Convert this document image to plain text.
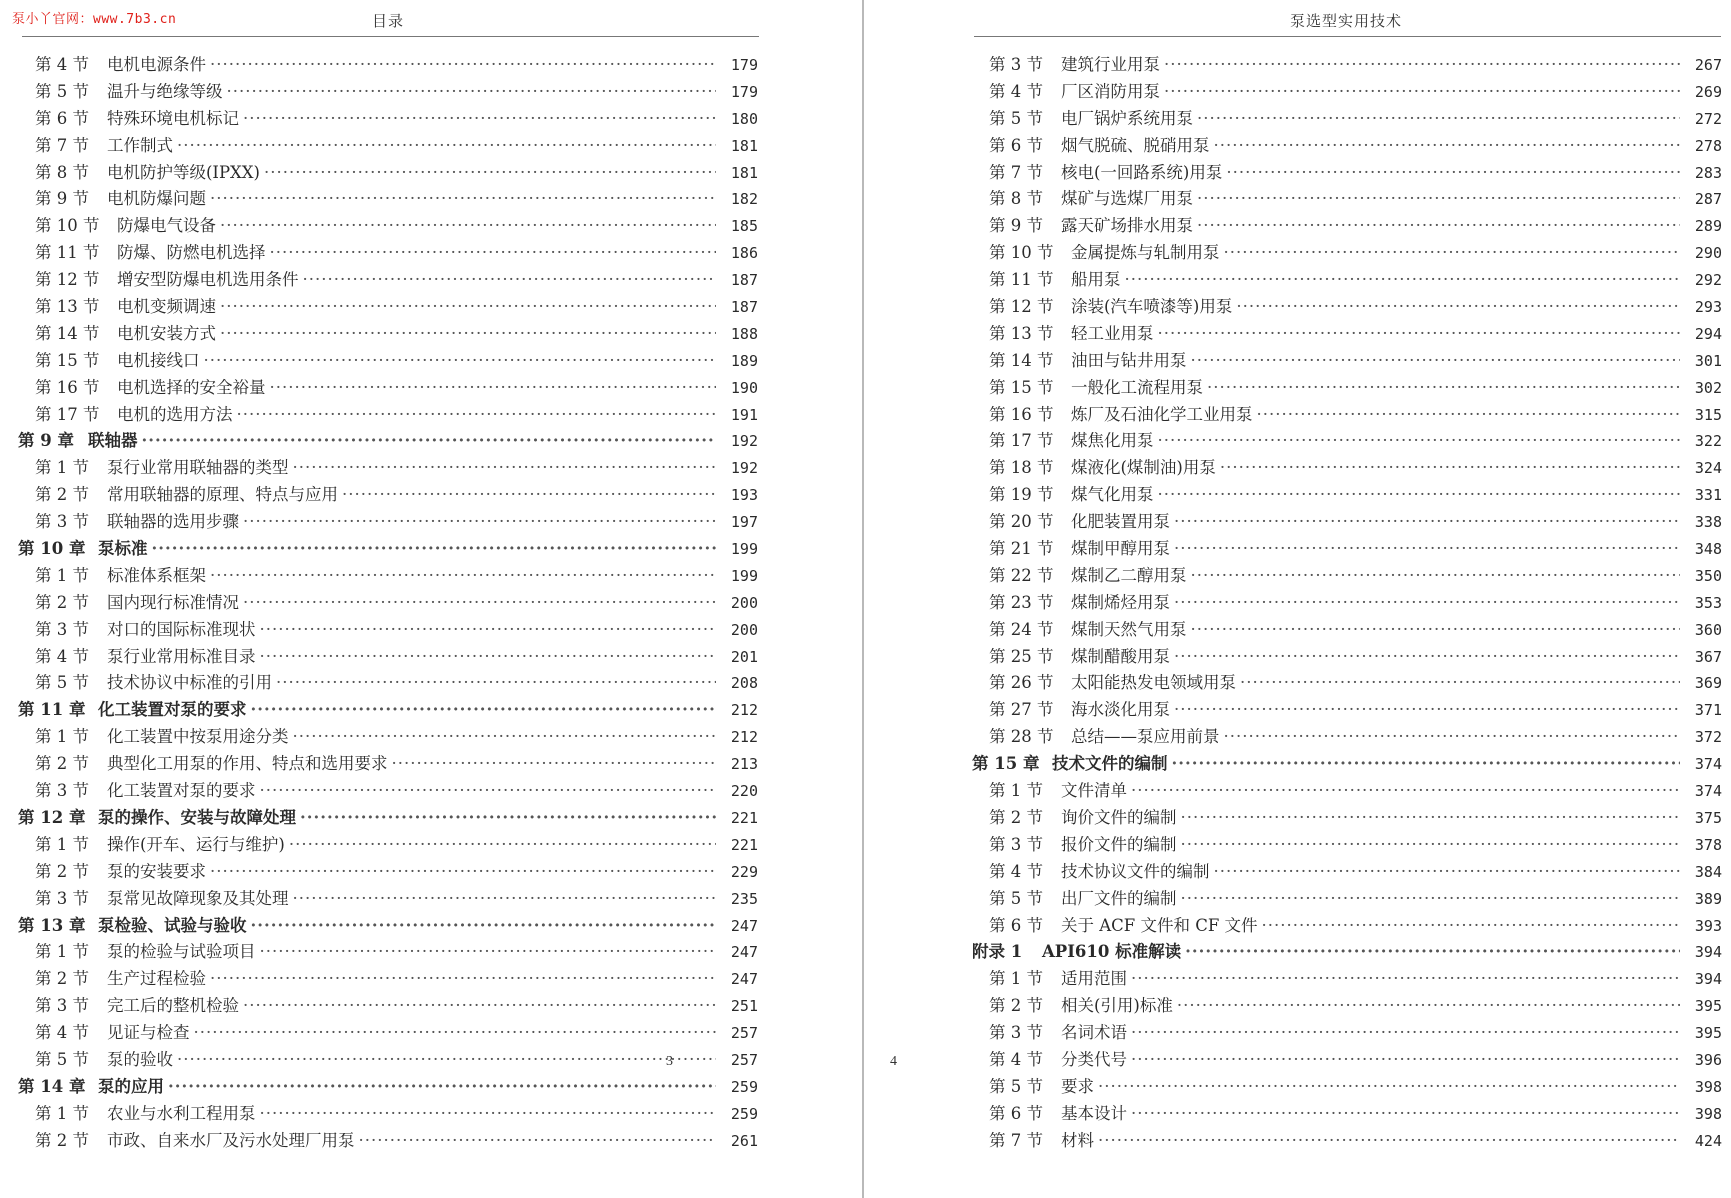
泵小丫官网：www.7b3.cn	目录
第 4 节	电机电源条件 ·····	179
第 5 节	温升与绝缘等级 ·····	179
第 6 节	特殊环境电机标记 ·····	180
第 7 节	工作制式 ·····	181
第 8 节	电机防护等级(IPXX) ·····	181
第 9 节	电机防爆问题 ·····	182
第 10 节	防爆电气设备 ·····	185
第 11 节	防爆、防燃电机选择 ·····	186
第 12 节	增安型防爆电机选用条件 ·····	187
第 13 节	电机变频调速 ·····	187
第 14 节	电机安装方式 ·····	188
第 15 节	电机接线口 ·····	189
第 16 节	电机选择的安全裕量 ·····	190
第 17 节	电机的选用方法 ·····	191
第 9 章 联轴器 ·····	192
第 1 节	泵行业常用联轴器的类型 ·····	192
第 2 节	常用联轴器的原理、特点与应用 ·····	193
第 3 节	联轴器的选用步骤 ·····	197
第 10 章 泵标准 ·····	199
第 1 节	标准体系框架 ·····	199
第 2 节	国内现行标准情况 ·····	200
第 3 节	对口的国际标准现状 ·····	200
第 4 节	泵行业常用标准目录 ·····	201
第 5 节	技术协议中标准的引用 ·····	208
第 11 章 化工装置对泵的要求 ·····	212
第 1 节	化工装置中按泵用途分类 ·····	212
第 2 节	典型化工用泵的作用、特点和选用要求 ·····	213
第 3 节	化工装置对泵的要求 ·····	220
第 12 章 泵的操作、安装与故障处理 ·····	221
第 1 节	操作(开车、运行与维护) ·····	221
第 2 节	泵的安装要求 ·····	229
第 3 节	泵常见故障现象及其处理 ·····	235
第 13 章 泵检验、试验与验收 ·····	247
第 1 节	泵的检验与试验项目 ·····	247
第 2 节	生产过程检验 ·····	247
第 3 节	完工后的整机检验 ·····	251
第 4 节	见证与检查 ·····	257
第 5 节	泵的验收 ·····	257
第 14 章 泵的应用 ·····	259
第 1 节	农业与水利工程用泵 ·····	259
第 2 节	市政、自来水厂及污水处理厂用泵 ·····	261
3
泵选型实用技术
第 3 节	建筑行业用泵 ·····	267
第 4 节	厂区消防用泵 ·····	269
第 5 节	电厂锅炉系统用泵 ·····	272
第 6 节	烟气脱硫、脱硝用泵 ·····	278
第 7 节	核电(一回路系统)用泵 ·····	283
第 8 节	煤矿与选煤厂用泵 ·····	287
第 9 节	露天矿场排水用泵 ·····	289
第 10 节	金属提炼与轧制用泵 ·····	290
第 11 节	船用泵 ·····	292
第 12 节	涂装(汽车喷漆等)用泵 ·····	293
第 13 节	轻工业用泵 ·····	294
第 14 节	油田与钻井用泵 ·····	301
第 15 节	一般化工流程用泵 ·····	302
第 16 节	炼厂及石油化学工业用泵 ·····	315
第 17 节	煤焦化用泵 ·····	322
第 18 节	煤液化(煤制油)用泵 ·····	324
第 19 节	煤气化用泵 ·····	331
第 20 节	化肥装置用泵 ·····	338
第 21 节	煤制甲醇用泵 ·····	348
第 22 节	煤制乙二醇用泵 ·····	350
第 23 节	煤制烯烃用泵 ·····	353
第 24 节	煤制天然气用泵 ·····	360
第 25 节	煤制醋酸用泵 ·····	367
第 26 节	太阳能热发电领域用泵 ·····	369
第 27 节	海水淡化用泵 ·····	371
第 28 节	总结——泵应用前景 ·····	372
第 15 章 技术文件的编制 ·····	374
第 1 节	文件清单 ·····	374
第 2 节	询价文件的编制 ·····	375
第 3 节	报价文件的编制 ·····	378
第 4 节	技术协议文件的编制 ·····	384
第 5 节	出厂文件的编制 ·····	389
第 6 节	关于 ACF 文件和 CF 文件 ·····	393
附录 1	API610 标准解读 ·····	394
第 1 节	适用范围 ·····	394
第 2 节	相关(引用)标准 ·····	395
第 3 节	名词术语 ·····	395
第 4 节	分类代号 ·····	396
第 5 节	要求 ·····	398
第 6 节	基本设计 ·····	398
第 7 节	材料 ·····	424
4
